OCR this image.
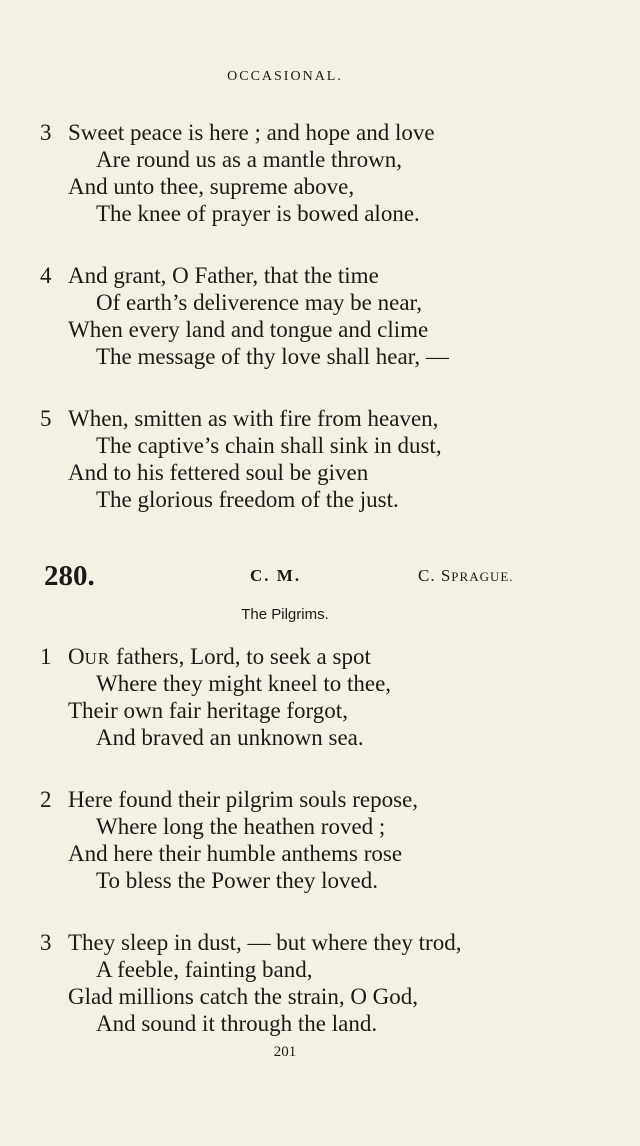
OCCASIONAL.
3 Sweet peace is here ; and hope and love
Are round us as a mantle thrown,
And unto thee, supreme above,
The knee of prayer is bowed alone.
4 And grant, O Father, that the time
Of earth’s deliverence may be near,
When every land and tongue and clime
The message of thy love shall hear, —
5 When, smitten as with fire from heaven,
The captive’s chain shall sink in dust,
And to his fettered soul be given
The glorious freedom of the just.
280.	C. M.	C. SPRAGUE.
The Pilgrims.
1 OUR fathers, Lord, to seek a spot
Where they might kneel to thee,
Their own fair heritage forgot,
And braved an unknown sea.
2 Here found their pilgrim souls repose,
Where long the heathen roved ;
And here their humble anthems rose
To bless the Power they loved.
3 They sleep in dust, — but where they trod,
A feeble, fainting band,
Glad millions catch the strain, O God,
And sound it through the land.
201
